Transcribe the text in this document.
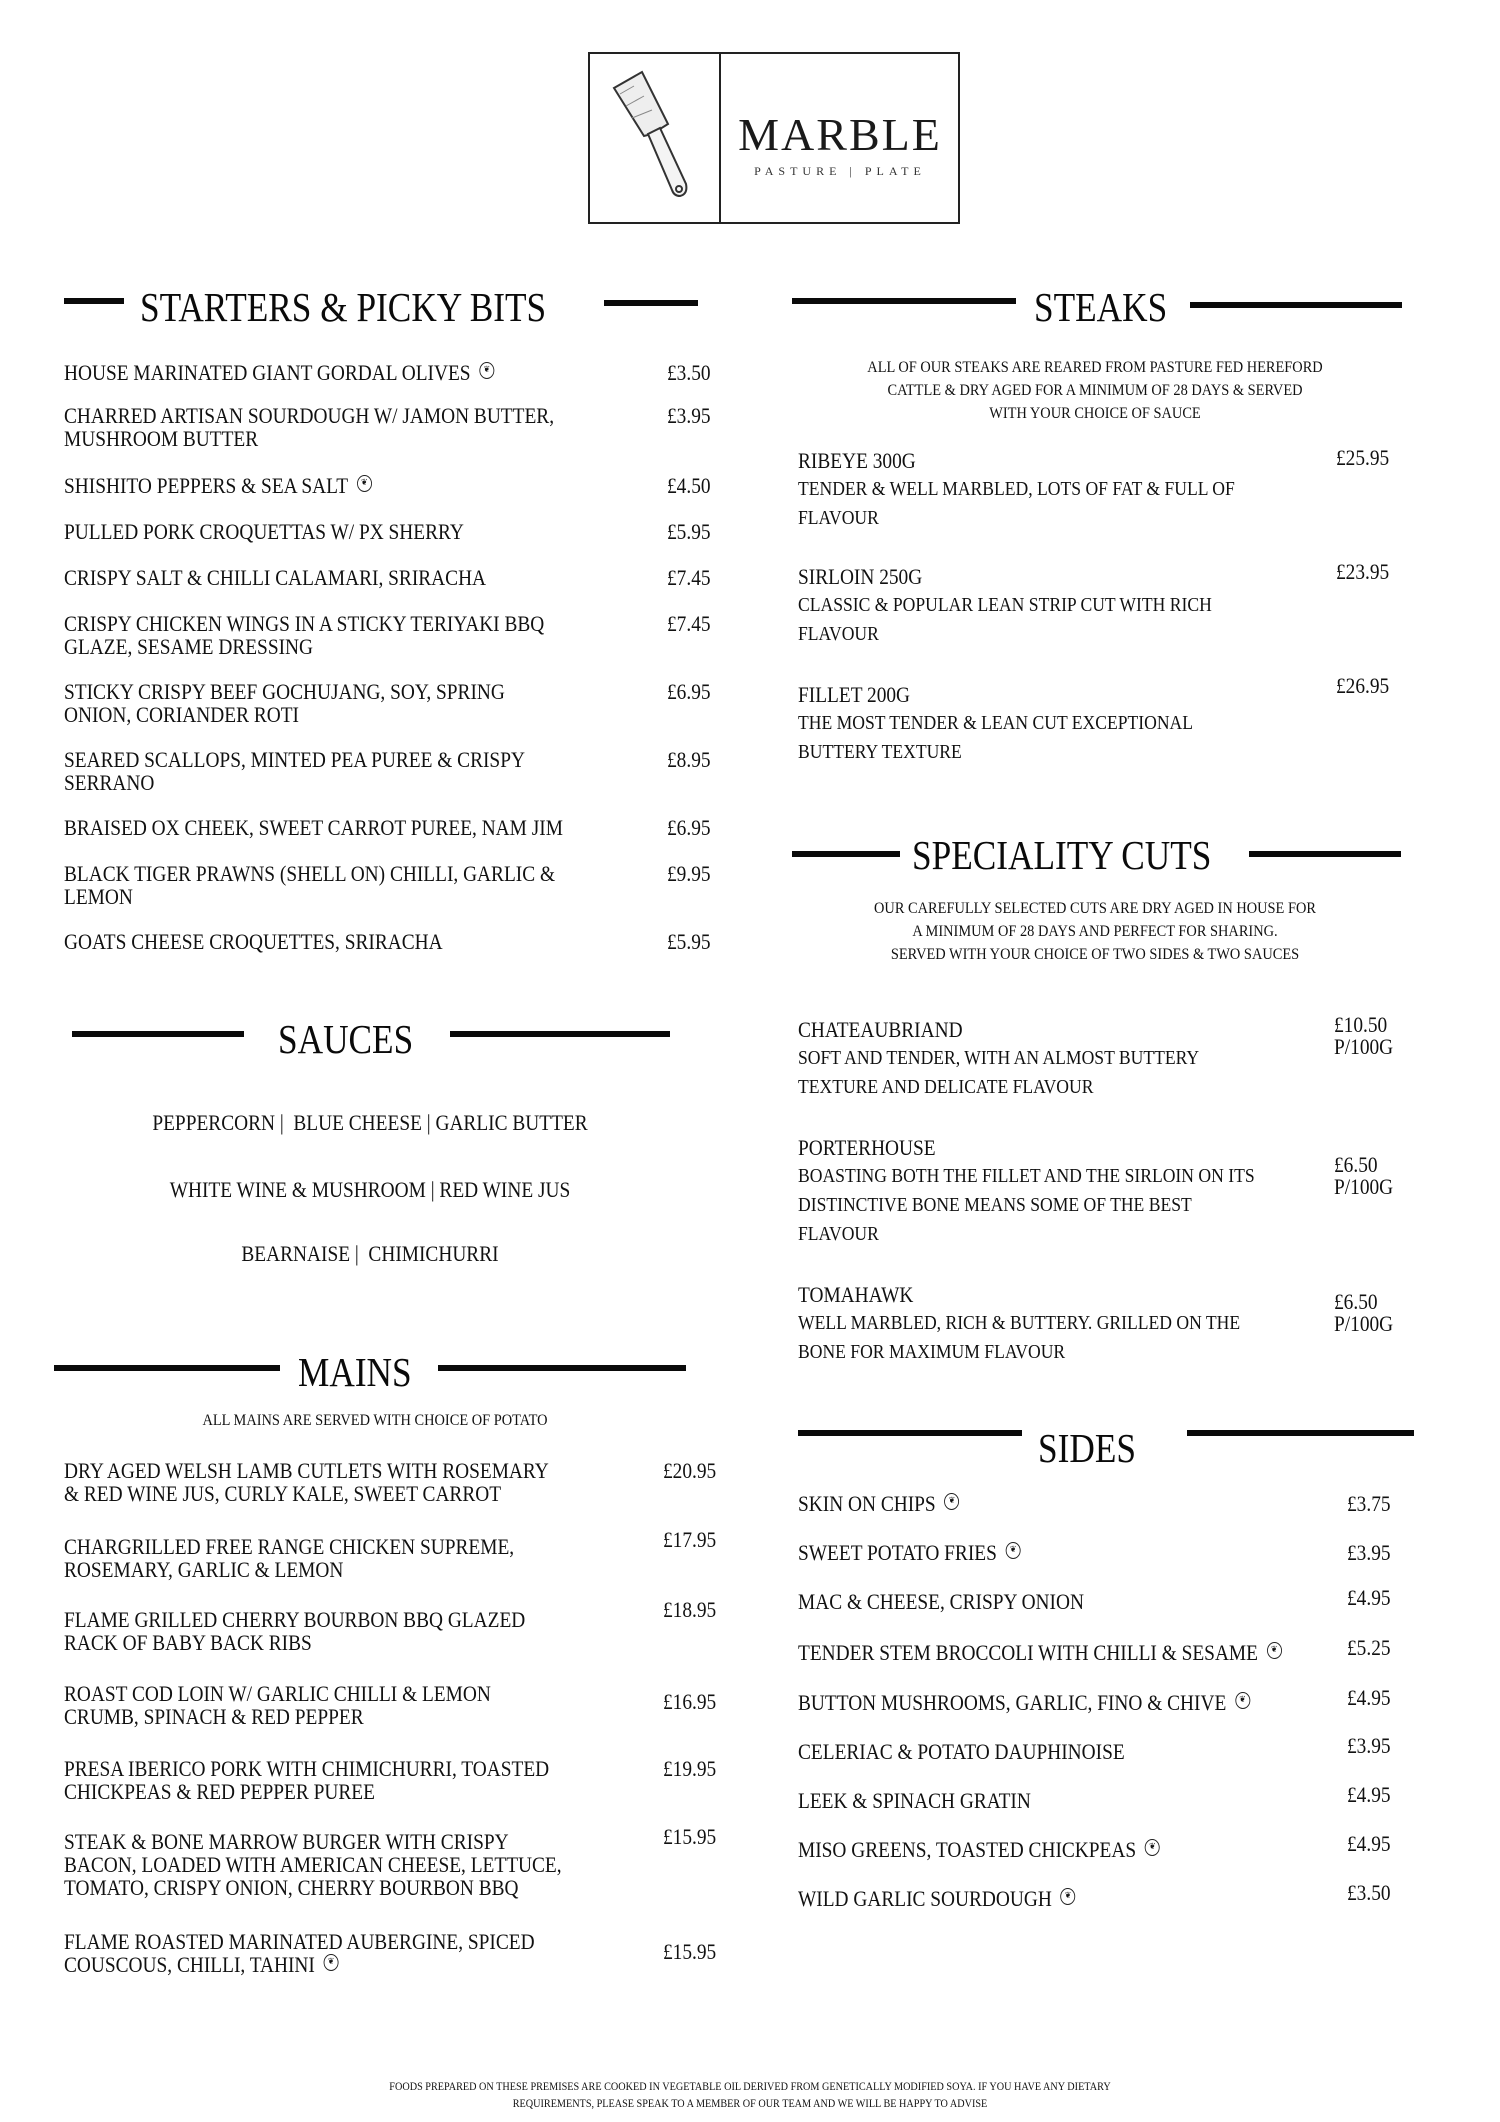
MARBLE
PASTURE | PLATE
STARTERS & PICKY BITS
HOUSE MARINATED GIANT GORDAL OLIVES ❦	£3.50
CHARRED ARTISAN SOURDOUGH W/ JAMON BUTTER,
MUSHROOM BUTTER
£3.95
SHISHITO PEPPERS & SEA SALT ❦	£4.50
PULLED PORK CROQUETTAS W/ PX SHERRY	£5.95
CRISPY SALT & CHILLI CALAMARI, SRIRACHA	£7.45
CRISPY CHICKEN WINGS IN A STICKY TERIYAKI BBQ
GLAZE, SESAME DRESSING
£7.45
STICKY CRISPY BEEF GOCHUJANG, SOY, SPRING
ONION, CORIANDER ROTI
£6.95
SEARED SCALLOPS, MINTED PEA PUREE & CRISPY
SERRANO
£8.95
BRAISED OX CHEEK, SWEET CARROT PUREE, NAM JIM	£6.95
BLACK TIGER PRAWNS (SHELL ON) CHILLI, GARLIC &
LEMON
£9.95
GOATS CHEESE CROQUETTES, SRIRACHA	£5.95
STEAKS
ALL OF OUR STEAKS ARE REARED FROM PASTURE FED HEREFORD
CATTLE & DRY AGED FOR A MINIMUM OF 28 DAYS & SERVED
WITH YOUR CHOICE OF SAUCE
RIBEYE 300G
TENDER & WELL MARBLED, LOTS OF FAT & FULL OF
FLAVOUR
£25.95
SIRLOIN 250G
CLASSIC & POPULAR LEAN STRIP CUT WITH RICH
FLAVOUR
£23.95
FILLET 200G
THE MOST TENDER & LEAN CUT EXCEPTIONAL
BUTTERY TEXTURE
£26.95
SPECIALITY CUTS
OUR CAREFULLY SELECTED CUTS ARE DRY AGED IN HOUSE FOR
A MINIMUM OF 28 DAYS AND PERFECT FOR SHARING.
SERVED WITH YOUR CHOICE OF TWO SIDES & TWO SAUCES
CHATEAUBRIAND
SOFT AND TENDER, WITH AN ALMOST BUTTERY
TEXTURE AND DELICATE FLAVOUR
£10.50
P/100G
PORTERHOUSE
BOASTING BOTH THE FILLET AND THE SIRLOIN ON ITS
DISTINCTIVE BONE MEANS SOME OF THE BEST
FLAVOUR
£6.50
P/100G
TOMAHAWK
WELL MARBLED, RICH & BUTTERY. GRILLED ON THE
BONE FOR MAXIMUM FLAVOUR
£6.50
P/100G
SAUCES
PEPPERCORN |  BLUE CHEESE | GARLIC BUTTER
WHITE WINE & MUSHROOM | RED WINE JUS
BEARNAISE |  CHIMICHURRI
MAINS
ALL MAINS ARE SERVED WITH CHOICE OF POTATO
DRY AGED WELSH LAMB CUTLETS WITH ROSEMARY
& RED WINE JUS, CURLY KALE, SWEET CARROT
£20.95
CHARGRILLED FREE RANGE CHICKEN SUPREME,
ROSEMARY, GARLIC & LEMON
£17.95
FLAME GRILLED CHERRY BOURBON BBQ GLAZED
RACK OF BABY BACK RIBS
£18.95
ROAST COD LOIN W/ GARLIC CHILLI & LEMON
CRUMB, SPINACH & RED PEPPER
£16.95
PRESA IBERICO PORK WITH CHIMICHURRI, TOASTED
CHICKPEAS & RED PEPPER PUREE
£19.95
STEAK & BONE MARROW BURGER WITH CRISPY
BACON, LOADED WITH AMERICAN CHEESE, LETTUCE,
TOMATO, CRISPY ONION, CHERRY BOURBON BBQ
£15.95
FLAME ROASTED MARINATED AUBERGINE, SPICED
COUSCOUS, CHILLI, TAHINI ❦	£15.95
SIDES
SKIN ON CHIPS ❦	£3.75
SWEET POTATO FRIES ❦	£3.95
MAC & CHEESE, CRISPY ONION	£4.95
TENDER STEM BROCCOLI WITH CHILLI & SESAME ❦	£5.25
BUTTON MUSHROOMS, GARLIC, FINO & CHIVE ❦	£4.95
CELERIAC & POTATO DAUPHINOISE	£3.95
LEEK & SPINACH GRATIN	£4.95
MISO GREENS, TOASTED CHICKPEAS ❦	£4.95
WILD GARLIC SOURDOUGH ❦	£3.50
FOODS PREPARED ON THESE PREMISES ARE COOKED IN VEGETABLE OIL DERIVED FROM GENETICALLY MODIFIED SOYA. IF YOU HAVE ANY DIETARY
REQUIREMENTS, PLEASE SPEAK TO A MEMBER OF OUR TEAM AND WE WILL BE HAPPY TO ADVISE
